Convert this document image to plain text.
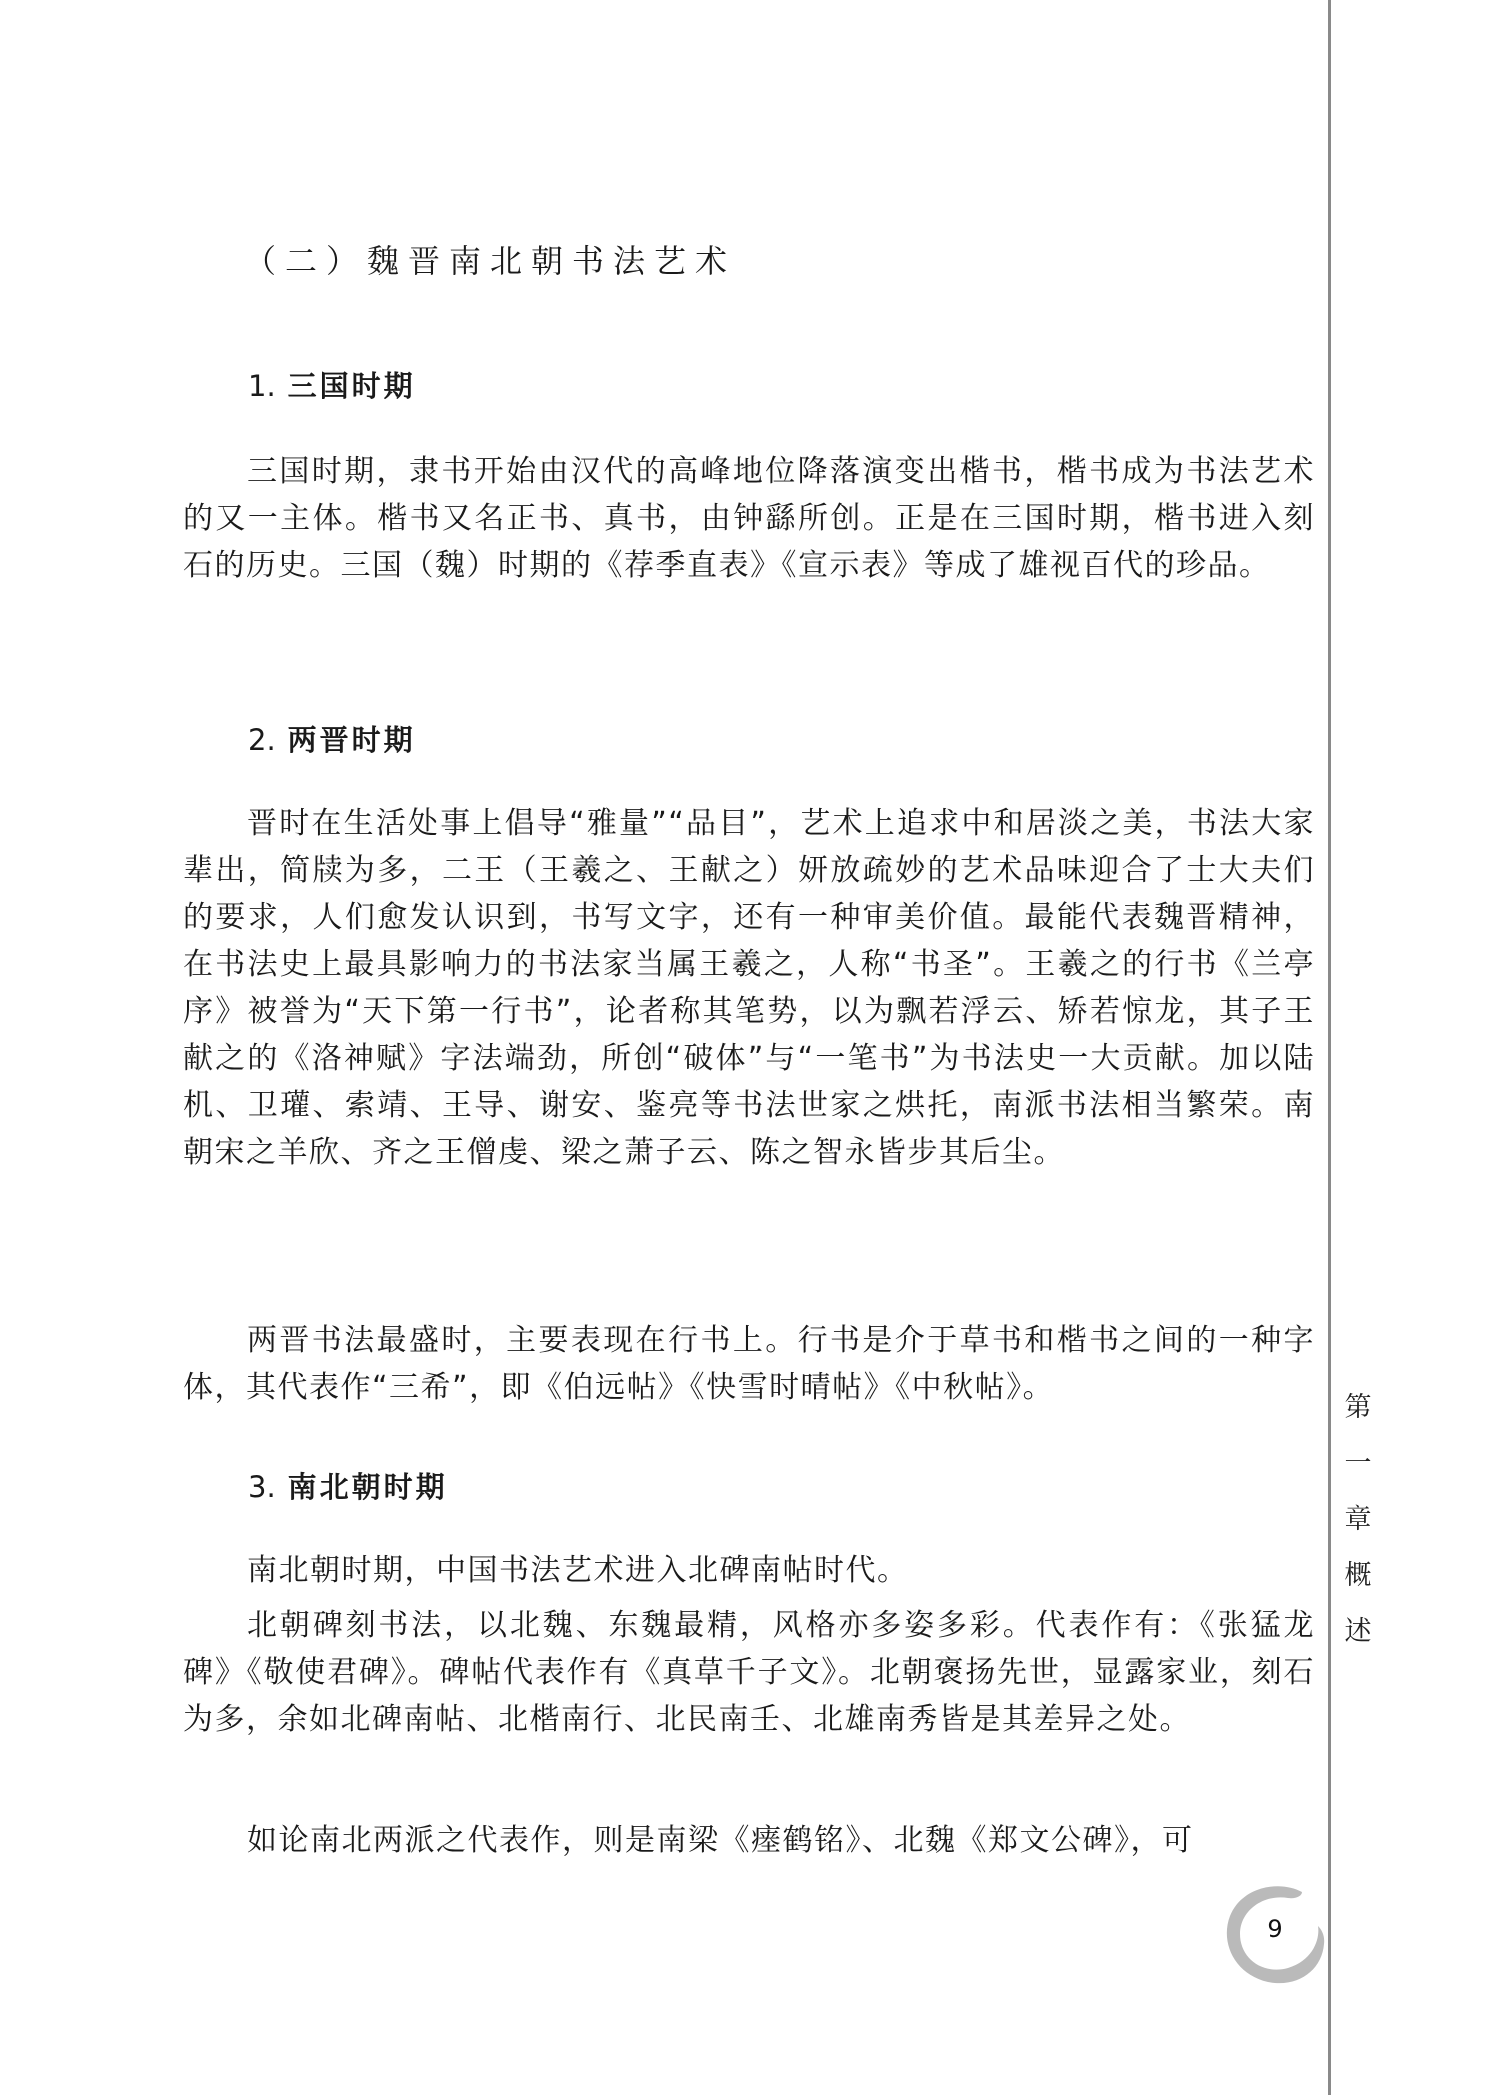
（二）魏晋南北朝书法艺术
1. 三国时期

三国时期，隶书开始由汉代的高峰地位降落演变出楷书，楷书成为书法艺术的又一主体。楷书又名正书、真书，由钟繇所创。正是在三国时期，楷书进入刻石的历史。三国（魏）时期的《荐季直表》《宣示表》等成了雄视百代的珍品。

2. 两晋时期

晋时在生活处事上倡导“雅量”“品目”，艺术上追求中和居淡之美，书法大家辈出，简牍为多，二王（王羲之、王献之）妍放疏妙的艺术品味迎合了士大夫们的要求，人们愈发认识到，书写文字，还有一种审美价值。最能代表魏晋精神，在书法史上最具影响力的书法家当属王羲之，人称“书圣”。王羲之的行书《兰亭序》被誉为“天下第一行书”，论者称其笔势，以为飘若浮云、矫若惊龙，其子王献之的《洛神赋》字法端劲，所创“破体”与“一笔书”为书法史一大贡献。加以陆机、卫瓘、索靖、王导、谢安、鉴亮等书法世家之烘托，南派书法相当繁荣。南朝宋之羊欣、齐之王僧虔、梁之萧子云、陈之智永皆步其后尘。

两晋书法最盛时，主要表现在行书上。行书是介于草书和楷书之间的一种字体，其代表作“三希”，即《伯远帖》《快雪时晴帖》《中秋帖》。

3. 南北朝时期

南北朝时期，中国书法艺术进入北碑南帖时代。

北朝碑刻书法，以北魏、东魏最精，风格亦多姿多彩。代表作有：《张猛龙碑》《敬使君碑》。碑帖代表作有《真草千子文》。北朝褒扬先世，显露家业，刻石为多，余如北碑南帖、北楷南行、北民南壬、北雄南秀皆是其差异之处。

如论南北两派之代表作，则是南梁《瘗鹤铭》、北魏《郑文公碑》，可

第
一
章
概
述
9
